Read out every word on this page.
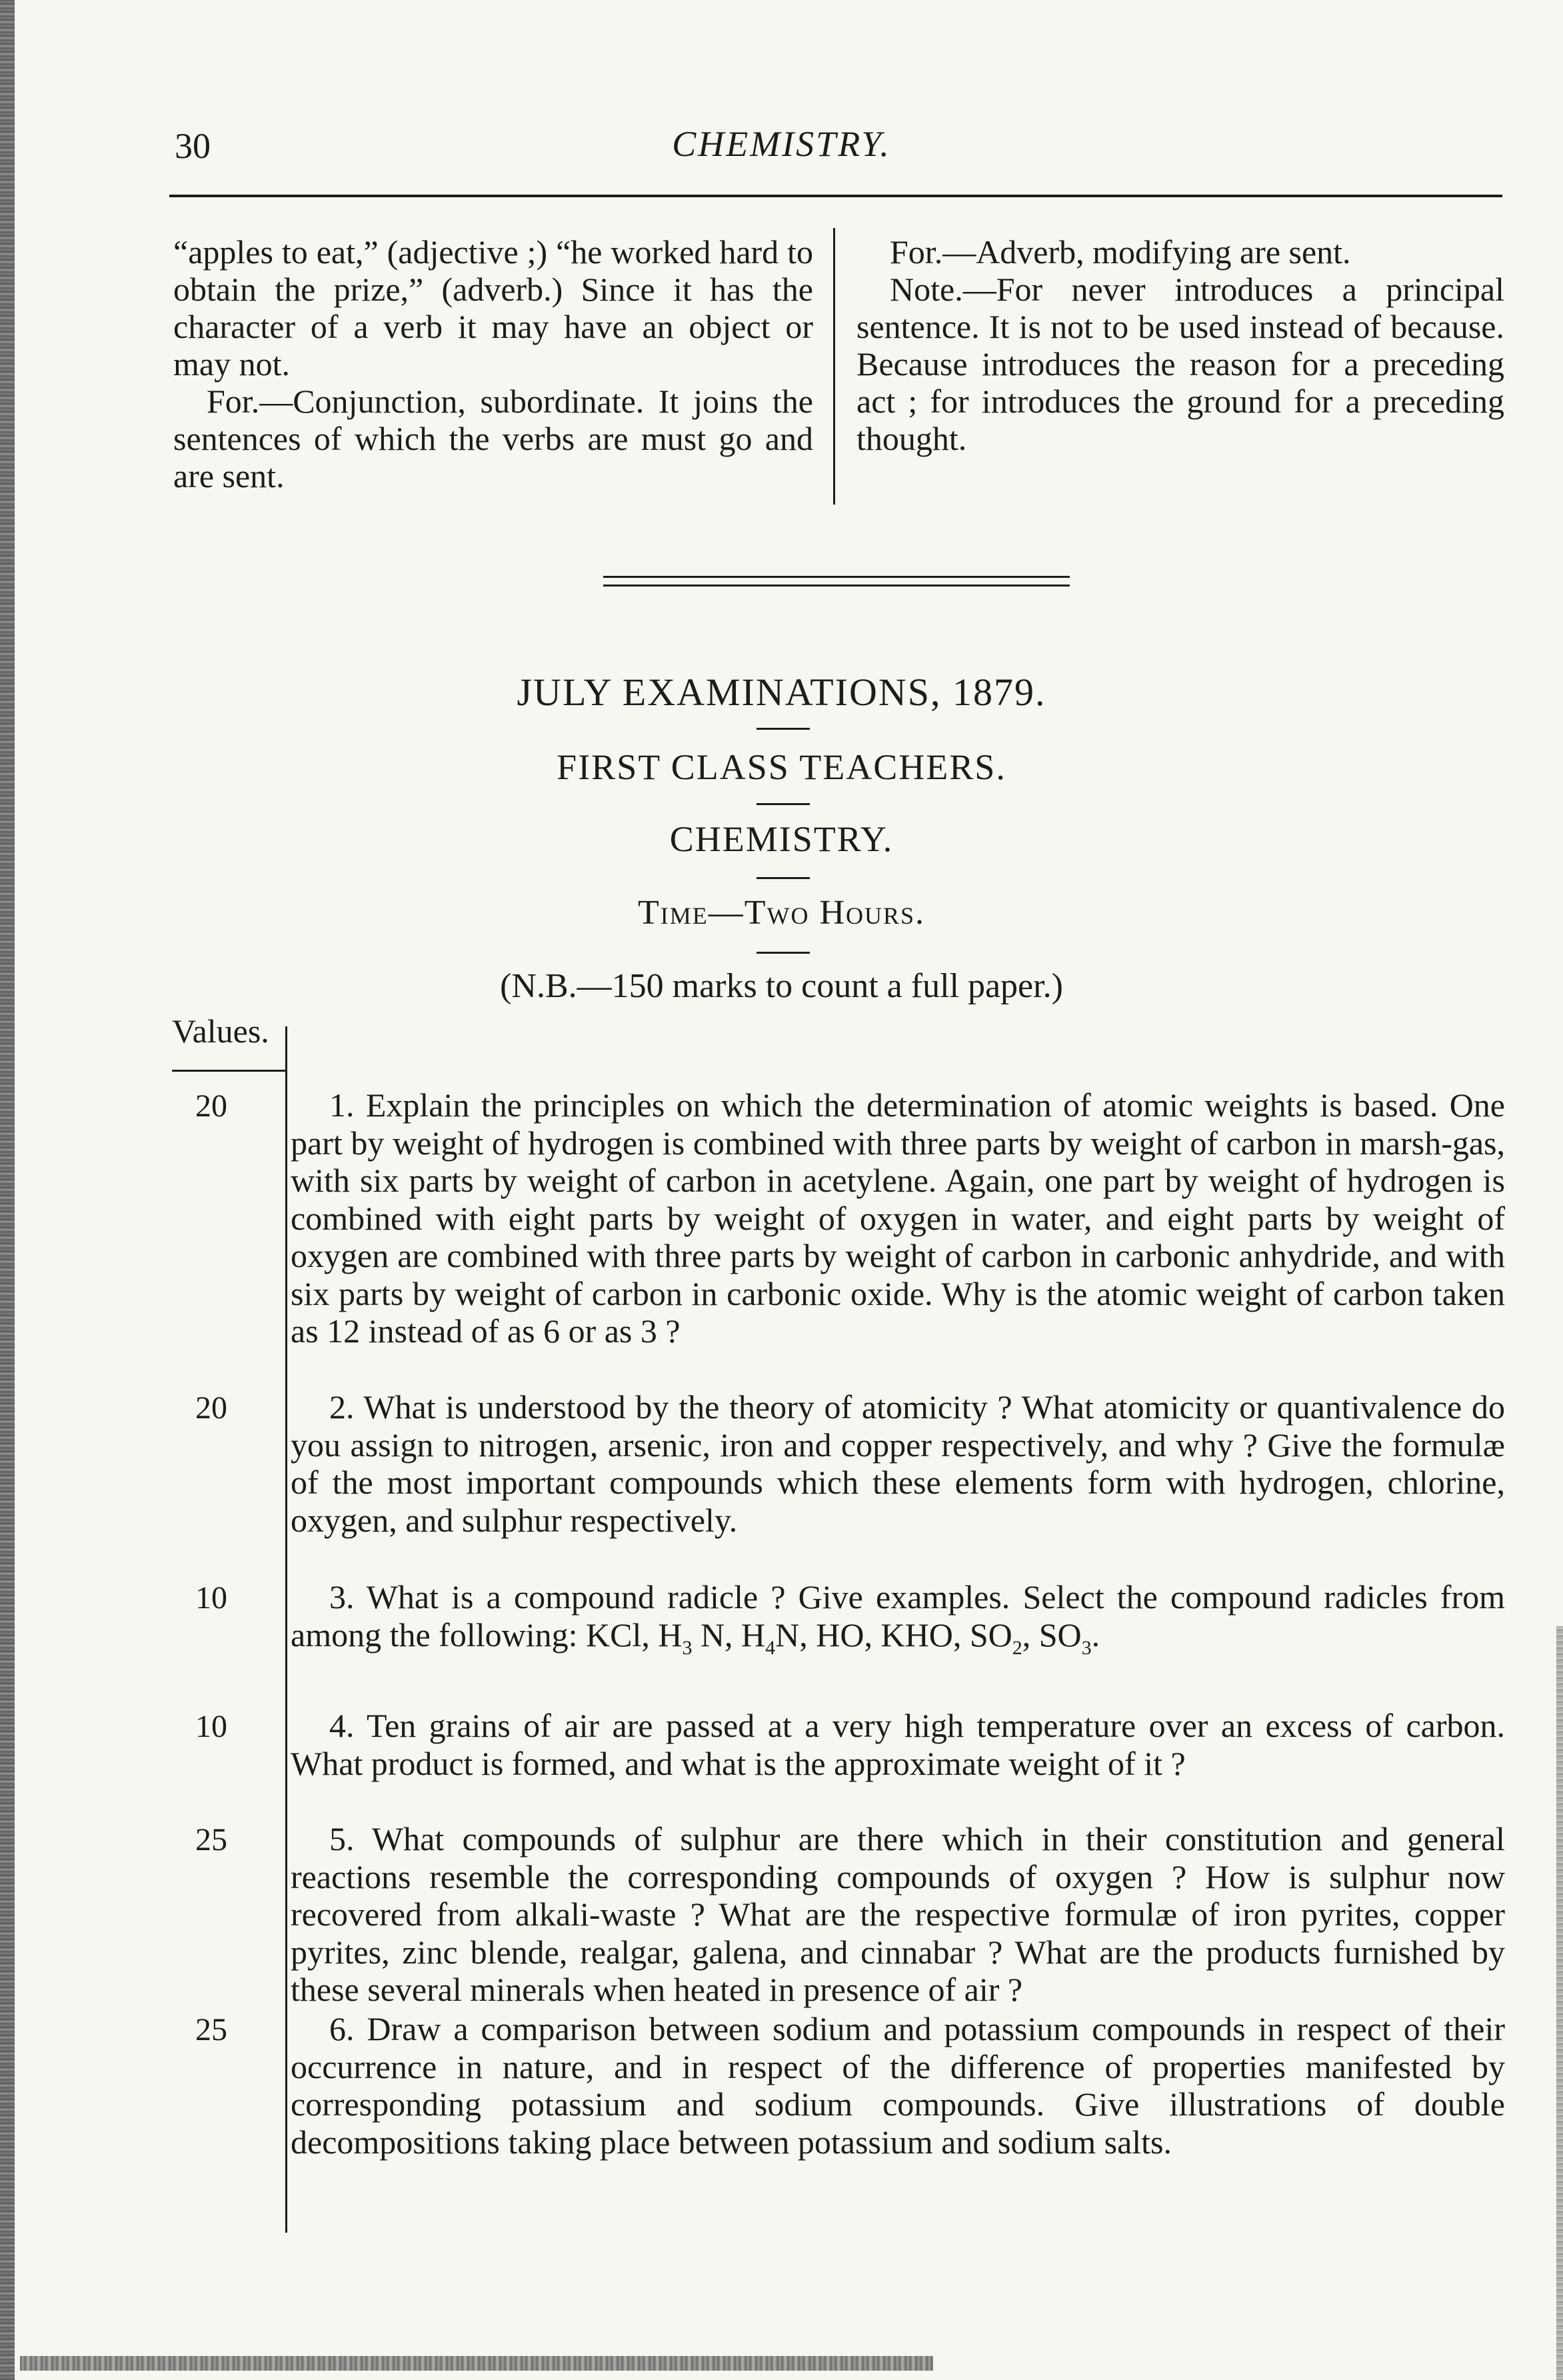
30	CHEMISTRY.

“apples to eat,” (adjective ;) “he worked hard to obtain the prize,” (adverb.) Since it has the character of a verb it may have an object or may not.

For.—Conjunction, subordinate. It joins the sentences of which the verbs are must go and are sent.

For.—Adverb, modifying are sent.

Note.—For never introduces a principal sentence. It is not to be used instead of because. Because introduces the reason for a preceding act ; for introduces the ground for a preceding thought.

JULY EXAMINATIONS, 1879.
FIRST CLASS TEACHERS.
CHEMISTRY.
Time—Two Hours.
(N.B.—150 marks to count a full paper.)
Values.
20	1. Explain the principles on which the determination of atomic weights is based. One part by weight of hydrogen is combined with three parts by weight of carbon in marsh-gas, with six parts by weight of carbon in acetylene. Again, one part by weight of hydrogen is combined with eight parts by weight of oxygen in water, and eight parts by weight of oxygen are combined with three parts by weight of carbon in carbonic anhydride, and with six parts by weight of carbon in carbonic oxide. Why is the atomic weight of carbon taken as 12 instead of as 6 or as 3 ?

20	2. What is understood by the theory of atomicity ? What atomicity or quantivalence do you assign to nitrogen, arsenic, iron and copper respectively, and why ? Give the formulæ of the most important compounds which these elements form with hydrogen, chlorine, oxygen, and sulphur respectively.

10	3. What is a compound radicle ? Give examples. Select the compound radicles from among the following: KCl, $H_3$ N, $H_4N$, HO, KHO, $SO_2$, $SO_3$.

10	4. Ten grains of air are passed at a very high temperature over an excess of carbon. What product is formed, and what is the approximate weight of it ?

25	5. What compounds of sulphur are there which in their constitution and general reactions resemble the corresponding compounds of oxygen ? How is sulphur now recovered from alkali-waste ? What are the respective formulæ of iron pyrites, copper pyrites, zinc blende, realgar, galena, and cinnabar ? What are the products furnished by these several minerals when heated in presence of air ?

25	6. Draw a comparison between sodium and potassium compounds in respect of their occurrence in nature, and in respect of the difference of properties manifested by corresponding potassium and sodium compounds. Give illustrations of double decompositions taking place between potassium and sodium salts.
